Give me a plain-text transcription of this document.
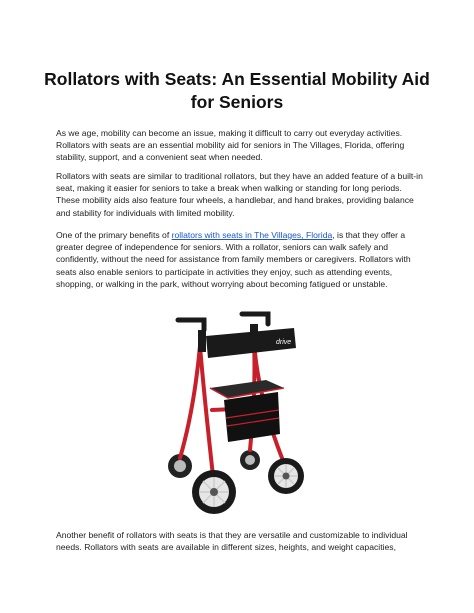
Rollators with Seats: An Essential Mobility Aid
for Seniors

As we age, mobility can become an issue, making it difficult to carry out everyday activities. Rollators with seats are an essential mobility aid for seniors in The Villages, Florida, offering stability, support, and a convenient seat when needed.

Rollators with seats are similar to traditional rollators, but they have an added feature of a built-in seat, making it easier for seniors to take a break when walking or standing for long periods. These mobility aids also feature four wheels, a handlebar, and hand brakes, providing balance and stability for individuals with limited mobility.

One of the primary benefits of rollators with seats in The Villages, Florida, is that they offer a greater degree of independence for seniors. With a rollator, seniors can walk safely and confidently, without the need for assistance from family members or caregivers. Rollators with seats also enable seniors to participate in activities they enjoy, such as attending events, shopping, or walking in the park, without worrying about becoming fatigued or unstable.

drive

Another benefit of rollators with seats is that they are versatile and customizable to individual needs. Rollators with seats are available in different sizes, heights, and weight capacities,
